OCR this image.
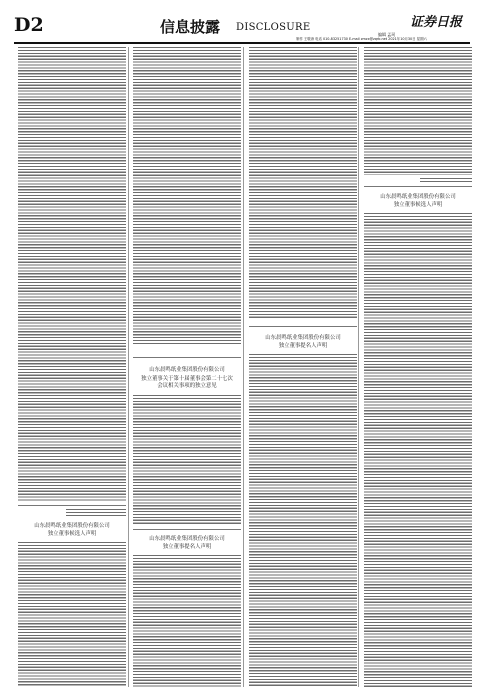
D2	信息披露 DISCLOSURE	证券日报
编辑 孟珂
制作 王敬涛 电话 010-83251730 E-mail zmzx@zqrb.net 2021年10月30日 星期六
山东晨鸣纸业集团股份有限公司
独立董事候选人声明
山东晨鸣纸业集团股份有限公司
独立董事关于第十届董事会第二十七次会议相关事项的独立意见
山东晨鸣纸业集团股份有限公司
独立董事提名人声明
山东晨鸣纸业集团股份有限公司
独立董事提名人声明
山东晨鸣纸业集团股份有限公司
独立董事候选人声明
